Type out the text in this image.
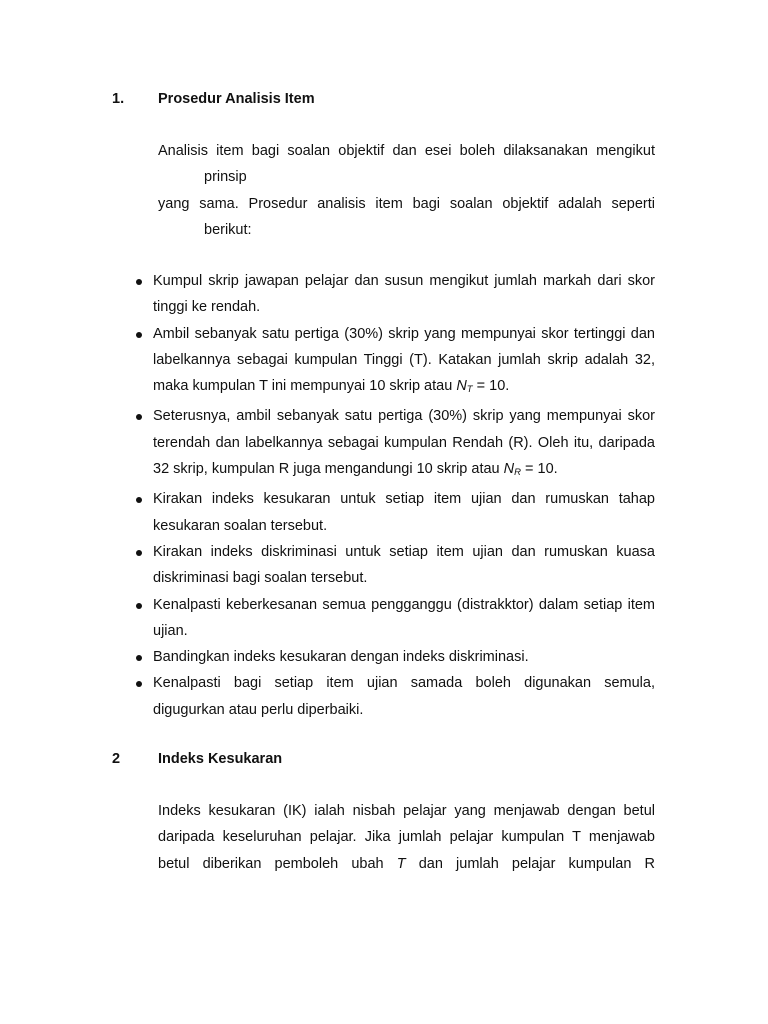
1.	Prosedur Analisis Item
Analisis item bagi soalan objektif dan esei boleh dilaksanakan mengikut
prinsip
yang sama. Prosedur analisis item bagi soalan objektif adalah seperti
berikut:
Kumpul skrip jawapan pelajar dan susun mengikut jumlah markah dari skor tinggi ke rendah.
Ambil sebanyak satu pertiga (30%) skrip yang mempunyai skor tertinggi dan labelkannya sebagai kumpulan Tinggi (T). Katakan jumlah skrip adalah 32, maka kumpulan T ini mempunyai 10 skrip atau $N_T = 10$.
Seterusnya, ambil sebanyak satu pertiga (30%) skrip yang mempunyai skor terendah dan labelkannya sebagai kumpulan Rendah (R). Oleh itu, daripada 32 skrip, kumpulan R juga mengandungi 10 skrip atau $N_R = 10$.
Kirakan indeks kesukaran untuk setiap item ujian dan rumuskan tahap kesukaran soalan tersebut.
Kirakan indeks diskriminasi untuk setiap item ujian dan rumuskan kuasa diskriminasi bagi soalan tersebut.
Kenalpasti keberkesanan semua pengganggu (distrakktor) dalam setiap item ujian.
Bandingkan indeks kesukaran dengan indeks diskriminasi.
Kenalpasti bagi setiap item ujian samada boleh digunakan semula, digugurkan atau perlu diperbaiki.
2	Indeks Kesukaran
Indeks kesukaran (IK) ialah nisbah pelajar yang menjawab dengan betul
daripada keseluruhan pelajar. Jika jumlah pelajar kumpulan T menjawab
betul diberikan pemboleh ubah T dan jumlah pelajar kumpulan R
